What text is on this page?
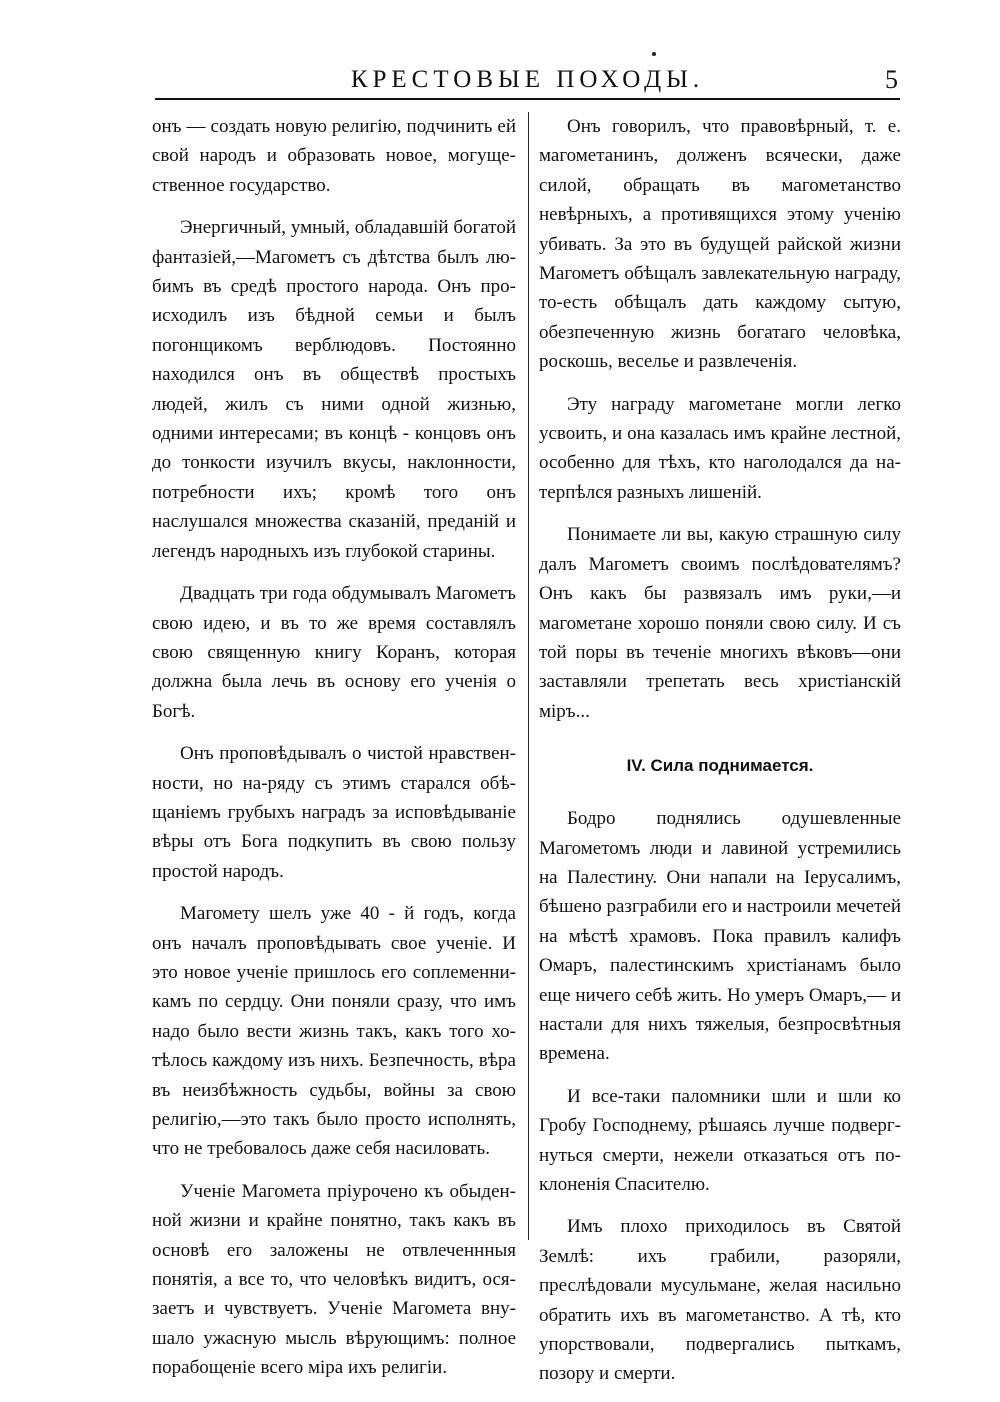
КРЕСТОВЫЕ ПОХОДЫ.	5

онъ — создать новую религію, подчинить ей свой народъ и образовать новое, могущественное государство.

Энергичный, умный, обладавшій богатой фантазіей,—Магометъ съ дѣтства былъ любимъ въ средѣ простого народа. Онъ происходилъ изъ бѣдной семьи и былъ погонщикомъ верблюдовъ. Постоянно находился онъ въ обществѣ простыхъ людей, жилъ съ ними одной жизнью, одними интересами; въ концѣ - концовъ онъ до тонкости изучилъ вкусы, наклонности, потребности ихъ; кромѣ того онъ наслушался множества сказаній, преданій и легендъ народныхъ изъ глубокой старины.

Двадцать три года обдумывалъ Магометъ свою идею, и въ то же время составлялъ свою священную книгу Коранъ, которая должна была лечь въ основу его ученія о Богѣ.

Онъ проповѣдывалъ о чистой нравственности, но на-ряду съ этимъ старался обѣщаніемъ грубыхъ наградъ за исповѣдываніе вѣры отъ Бога подкупить въ свою пользу простой народъ.

Магомету шелъ уже 40 - й годъ, когда онъ началъ проповѣдывать свое ученіе. И это новое ученіе пришлось его соплеменникамъ по сердцу. Они поняли сразу, что имъ надо было вести жизнь такъ, какъ того хотѣлось каждому изъ нихъ. Безпечность, вѣра въ неизбѣжность судьбы, войны за свою религію,—это такъ было просто исполнять, что не требовалось даже себя насиловать.

Ученіе Магомета пріурочено къ обыденной жизни и крайне понятно, такъ какъ въ основѣ его заложены не отвлеченнныя понятія, а все то, что человѣкъ видитъ, осязаетъ и чувствуетъ. Ученіе Магомета внушало ужасную мысль вѣрующимъ: полное порабощеніе всего міра ихъ религіи.

Онъ говорилъ, что правовѣрный, т. е. магометанинъ, долженъ всячески, даже силой, обращать въ магометанство невѣрныхъ, а противящихся этому ученію убивать. За это въ будущей райской жизни Магометъ обѣщалъ завлекательную награду, то-есть обѣщалъ дать каждому сытую, обезпеченную жизнь богатаго человѣка, роскошь, веселье и развлеченія.

Эту награду магометане могли легко усвоить, и она казалась имъ крайне лестной, особенно для тѣхъ, кто наголодался да натерпѣлся разныхъ лишеній.

Понимаете ли вы, какую страшную силу далъ Магометъ своимъ послѣдователямъ? Онъ какъ бы развязалъ имъ руки,—и магометане хорошо поняли свою силу. И съ той поры въ теченіе многихъ вѣковъ—они заставляли трепетать весь христіанскій міръ...

IV. Сила поднимается.

Бодро поднялись одушевленные Магометомъ люди и лавиной устремились на Палестину. Они напали на Іерусалимъ, бѣшено разграбили его и настроили мечетей на мѣстѣ храмовъ. Пока правилъ калифъ Омаръ, палестинскимъ христіанамъ было еще ничего себѣ жить. Но умеръ Омаръ,— и настали для нихъ тяжелыя, безпросвѣтныя времена.

И все-таки паломники шли и шли ко Гробу Господнему, рѣшаясь лучше подвергнуться смерти, нежели отказаться отъ поклоненія Спасителю.

Имъ плохо приходилось въ Святой Землѣ: ихъ грабили, разоряли, преслѣдовали мусульмане, желая насильно обратить ихъ въ магометанство. А тѣ, кто упорствовали, подвергались пыткамъ, позору и смерти.
